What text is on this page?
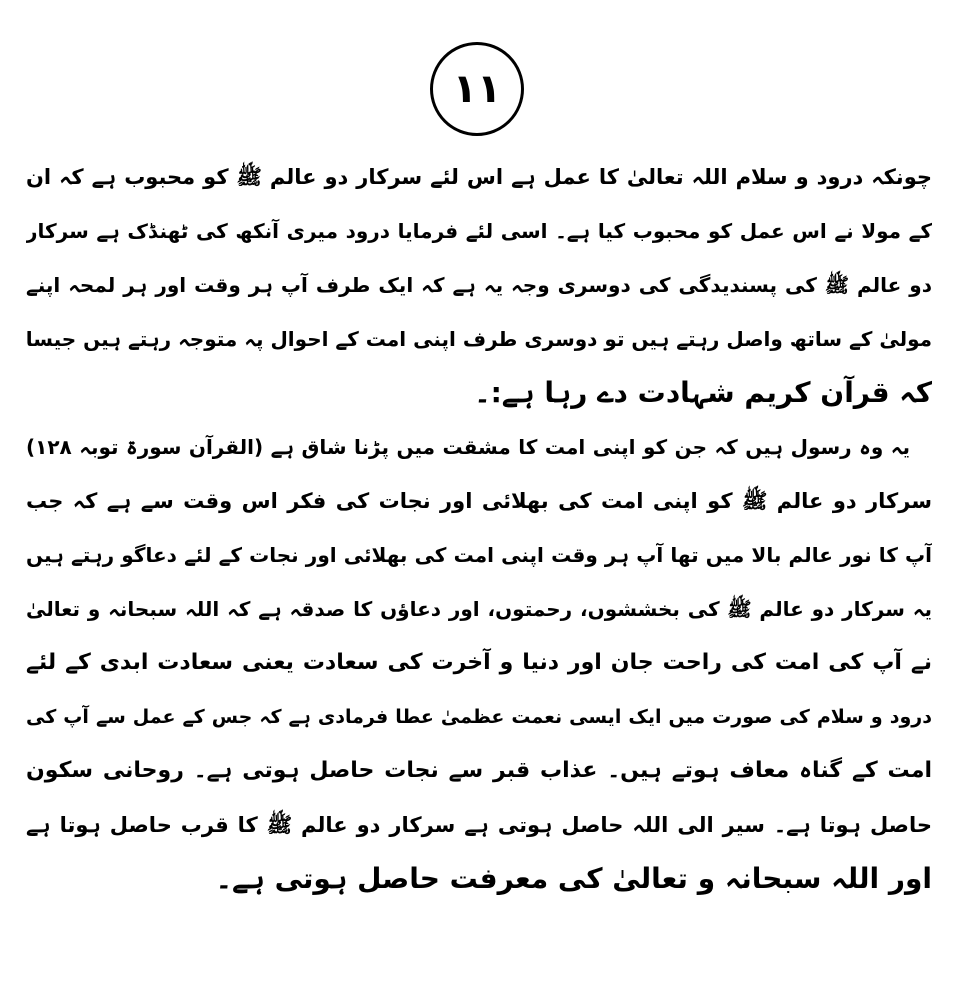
۱۱
چونکہ درود و سلام اللہ تعالیٰ کا عمل ہے اس لئے سرکار دو عالم ﷺ کو محبوب ہے کہ ان
کے مولا نے اس عمل کو محبوب کیا ہے۔ اسی لئے فرمایا درود میری آنکھ کی ٹھنڈک ہے سرکار
دو عالم ﷺ کی پسندیدگی کی دوسری وجہ یہ ہے کہ ایک طرف آپ ہر وقت اور ہر لمحہ اپنے
مولیٰ کے ساتھ واصل رہتے ہیں تو دوسری طرف اپنی امت کے احوال پہ متوجہ رہتے ہیں جیسا
کہ قرآن کریم شہادت دے رہا ہے:۔
یہ وہ رسول ہیں کہ جن کو اپنی امت کا مشقت میں پڑنا شاق ہے (القرآن سورۃ توبہ ۱۲۸)
سرکار دو عالم ﷺ کو اپنی امت کی بھلائی اور نجات کی فکر اس وقت سے ہے کہ جب
آپ کا نور عالم بالا میں تھا آپ ہر وقت اپنی امت کی بھلائی اور نجات کے لئے دعاگو رہتے ہیں
یہ سرکار دو عالم ﷺ کی بخششوں، رحمتوں، اور دعاؤں کا صدقہ ہے کہ اللہ سبحانہ و تعالیٰ
نے آپ کی امت کی راحت جان اور دنیا و آخرت کی سعادت یعنی سعادت ابدی کے لئے
درود و سلام کی صورت میں ایک ایسی نعمت عظمیٰ عطا فرمادی ہے کہ جس کے عمل سے آپ کی
امت کے گناہ معاف ہوتے ہیں۔ عذاب قبر سے نجات حاصل ہوتی ہے۔ روحانی سکون
حاصل ہوتا ہے۔ سیر الی اللہ حاصل ہوتی ہے سرکار دو عالم ﷺ کا قرب حاصل ہوتا ہے
اور اللہ سبحانہ و تعالیٰ کی معرفت حاصل ہوتی ہے۔
